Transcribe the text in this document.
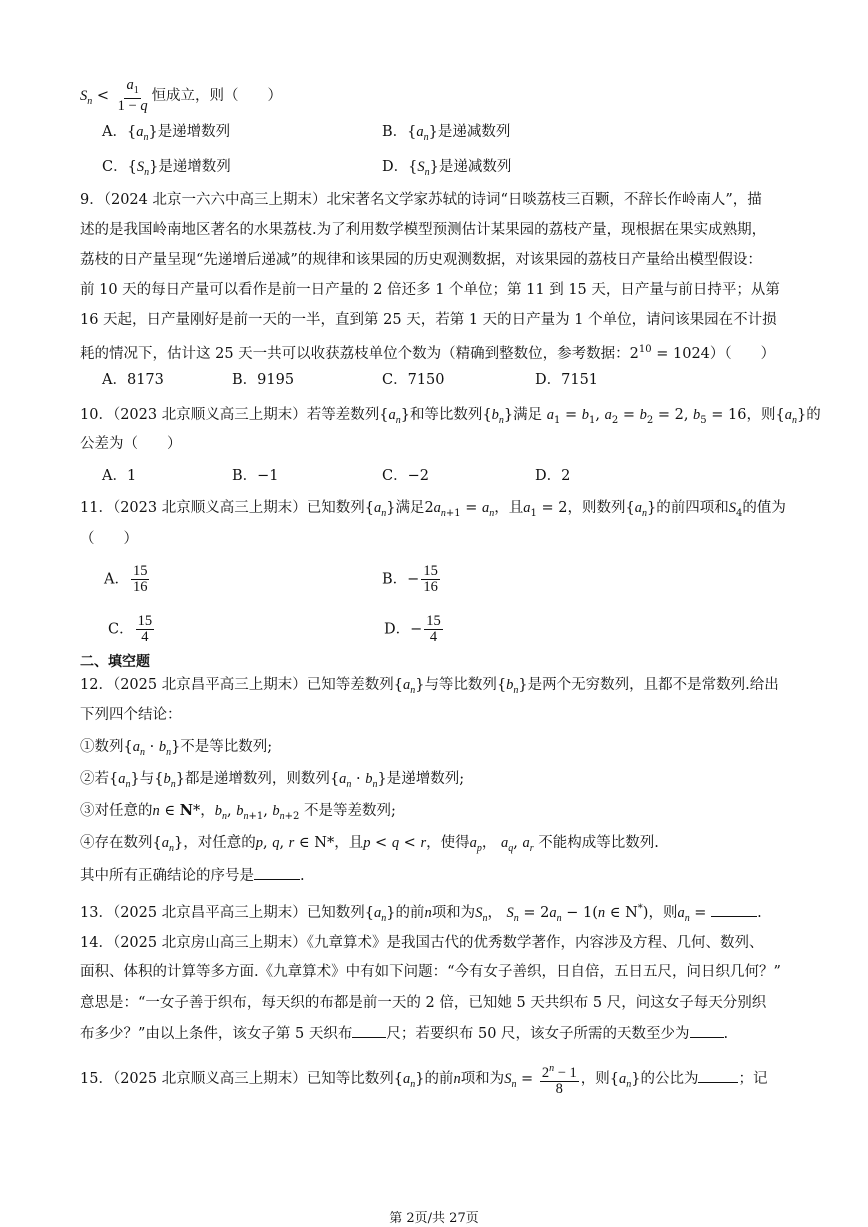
$S_n < \frac{a_1}{1 - q}$ 恒成立，则（　　）
A．$\{a_n\}$是递增数列	B．$\{a_n\}$是递减数列
C．$\{S_n\}$是递增数列	D．$\{S_n\}$是递减数列
9．（2024 北京一六六中高三上期末）北宋著名文学家苏轼的诗词“日啖荔枝三百颗，不辞长作岭南人”，描
述的是我国岭南地区著名的水果荔枝.为了利用数学模型预测估计某果园的荔枝产量，现根据在果实成熟期，
荔枝的日产量呈现“先递增后递减”的规律和该果园的历史观测数据，对该果园的荔枝日产量给出模型假设：
前 10 天的每日产量可以看作是前一日产量的 2 倍还多 1 个单位；第 11 到 15 天，日产量与前日持平；从第
16 天起，日产量刚好是前一天的一半，直到第 25 天，若第 1 天的日产量为 1 个单位，请问该果园在不计损
耗的情况下，估计这 25 天一共可以收获荔枝单位个数为（精确到整数位，参考数据：$2^{10} = 1024$）（　　）
A．8173	B．9195	C．7150	D．7151
10．（2023 北京顺义高三上期末）若等差数列$\{a_n\}$和等比数列$\{b_n\}$满足 $a_1 = b_1$, $a_2 = b_2 = 2$, $b_5 = 16$，则$\{a_n\}$的
公差为（　　）
A．1	B．−1	C．−2	D．2
11．（2023 北京顺义高三上期末）已知数列$\{a_n\}$满足$2a_{n+1} = a_n$，且$a_1 = 2$，则数列$\{a_n\}$的前四项和$S_4$的值为
（　　）
A． $\frac{15}{16}$	B．− $\frac{15}{16}$
C． $\frac{15}{4}$	D．− $\frac{15}{4}$
二、填空题
12．（2025 北京昌平高三上期末）已知等差数列$\{a_n\}$与等比数列$\{b_n\}$是两个无穷数列，且都不是常数列.给出
下列四个结论：
①数列$\{a_n \cdot b_n\}$不是等比数列;
②若$\{a_n\}$与$\{b_n\}$都是递增数列，则数列$\{a_n \cdot b_n\}$是递增数列;
③对任意的n ∈ N*，$b_n$, $b_{n+1}$, $b_{n+2}$ 不是等差数列;
④存在数列$\{a_n\}$，对任意的p, q, r ∈ N*，且p < q < r，使得$a_p$， $a_q$, $a_r$ 不能构成等比数列.
其中所有正确结论的序号是	.
13．（2025 北京昌平高三上期末）已知数列$\{a_n\}$的前n项和为$S_n$， $S_n = 2a_n - 1(n$ ∈ N*)，则$a_n$ =	.
14．（2025 北京房山高三上期末）《九章算术》是我国古代的优秀数学著作，内容涉及方程、几何、数列、
面积、体积的计算等多方面.《九章算术》中有如下问题：“今有女子善织，日自倍，五日五尺，问日织几何？”
意思是：“一女子善于织布，每天织的布都是前一天的 2 倍，已知她 5 天共织布 5 尺，问这女子每天分别织
布多少？”由以上条件，该女子第 5 天织布 尺；若要织布 50 尺，该女子所需的天数至少为 .
15．（2025 北京顺义高三上期末）已知等比数列$\{a_n\}$的前n项和为$S_n = \frac{2^n - 1}{8}$ ，则$\{a_n\}$的公比为	；记
第 2页/共 27页
